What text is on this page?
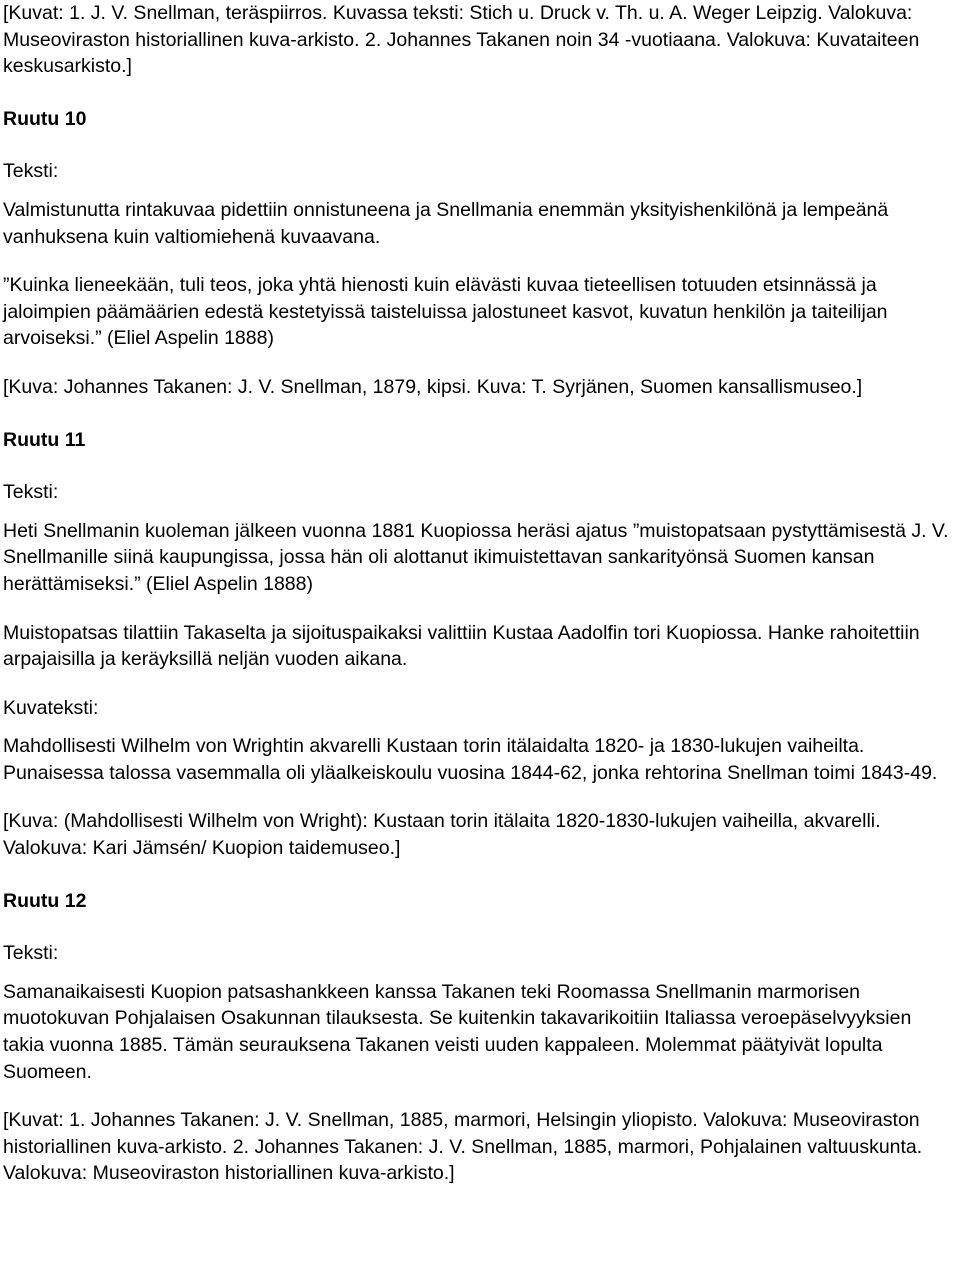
[Kuvat: 1. J. V. Snellman, teräspiirros. Kuvassa teksti: Stich u. Druck v. Th. u. A. Weger Leipzig. Valokuva: Museoviraston historiallinen kuva-arkisto. 2. Johannes Takanen noin 34 -vuotiaana. Valokuva: Kuvataiteen keskusarkisto.]

Ruutu 10

Teksti:

Valmistunutta rintakuvaa pidettiin onnistuneena ja Snellmania enemmän yksityishenkilönä ja lempeänä vanhuksena kuin valtiomiehenä kuvaavana.

”Kuinka lieneekään, tuli teos, joka yhtä hienosti kuin elävästi kuvaa tieteellisen totuuden etsinnässä ja jaloimpien päämäärien edestä kestetyissä taisteluissa jalostuneet kasvot, kuvatun henkilön ja taiteilijan arvoiseksi.” (Eliel Aspelin 1888)

[Kuva: Johannes Takanen: J. V. Snellman, 1879, kipsi. Kuva: T. Syrjänen, Suomen kansallismuseo.]

Ruutu 11

Teksti:

Heti Snellmanin kuoleman jälkeen vuonna 1881 Kuopiossa heräsi ajatus ”muistopatsaan pystyttämisestä J. V. Snellmanille siinä kaupungissa, jossa hän oli alottanut ikimuistettavan sankarityönsä Suomen kansan herättämiseksi.” (Eliel Aspelin 1888)

Muistopatsas tilattiin Takaselta ja sijoituspaikaksi valittiin Kustaa Aadolfin tori Kuopiossa. Hanke rahoitettiin arpajaisilla ja keräyksillä neljän vuoden aikana.

Kuvateksti:

Mahdollisesti Wilhelm von Wrightin akvarelli Kustaan torin itälaidalta 1820- ja 1830-lukujen vaiheilta. Punaisessa talossa vasemmalla oli yläalkeiskoulu vuosina 1844-62, jonka rehtorina Snellman toimi 1843-49.

[Kuva: (Mahdollisesti Wilhelm von Wright): Kustaan torin itälaita 1820-1830-lukujen vaiheilla, akvarelli. Valokuva: Kari Jämsén/ Kuopion taidemuseo.]

Ruutu 12

Teksti:

Samanaikaisesti Kuopion patsashankkeen kanssa Takanen teki Roomassa Snellmanin marmorisen muotokuvan Pohjalaisen Osakunnan tilauksesta. Se kuitenkin takavarikoitiin Italiassa veroepäselvyyksien takia vuonna 1885. Tämän seurauksena Takanen veisti uuden kappaleen. Molemmat päätyivät lopulta Suomeen.

[Kuvat: 1. Johannes Takanen: J. V. Snellman, 1885, marmori, Helsingin yliopisto. Valokuva: Museoviraston historiallinen kuva-arkisto. 2. Johannes Takanen: J. V. Snellman, 1885, marmori, Pohjalainen valtuuskunta. Valokuva: Museoviraston historiallinen kuva-arkisto.]
